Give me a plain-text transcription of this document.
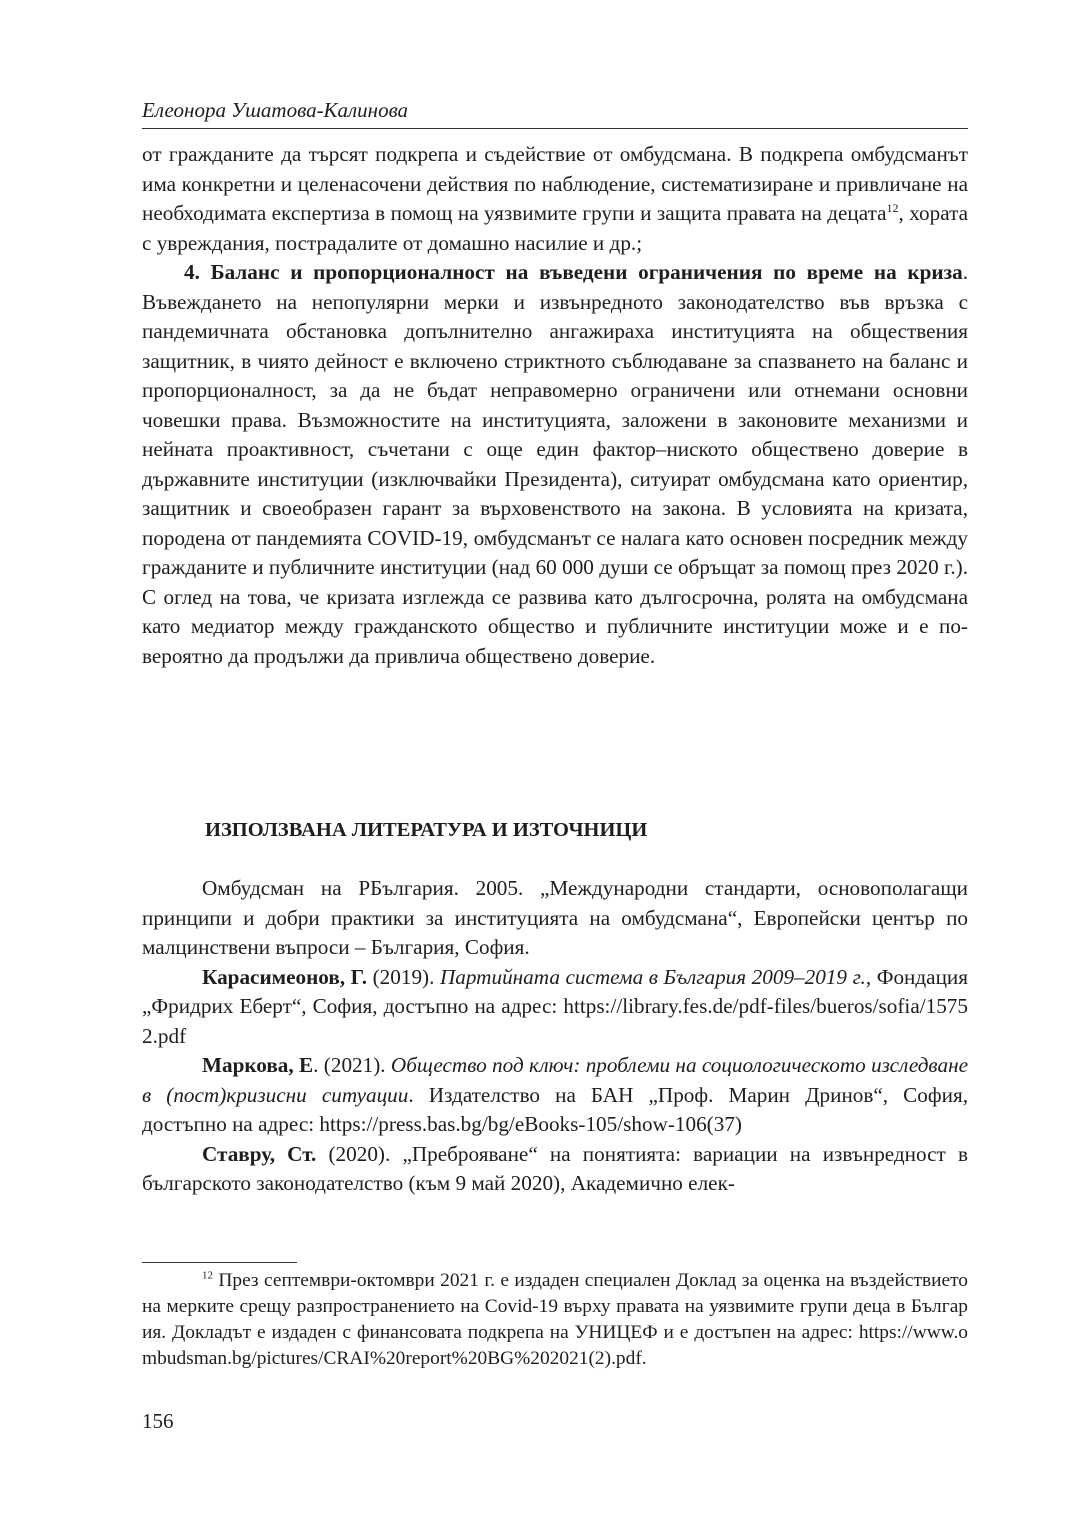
Елеонора Ушатова-Калинова

от гражданите да търсят подкрепа и съдействие от омбудсмана. В подкрепа омбудсманът има конкретни и целенасочени действия по наблюдение, систематизиране и привличане на необходимата експертиза в помощ на уязвимите групи и защита правата на децата$^{12}$, хората с увреждания, пострадалите от домашно насилие и др.;

4. Баланс и пропорционалност на въведени ограничения по време на криза. Въвеждането на непопулярни мерки и извънредното законодателство във връзка с пандемичната обстановка допълнително ангажираха институцията на обществения защитник, в чиято дейност е включено стриктното съблюдаване за спазването на баланс и пропорционалност, за да не бъдат неправомерно ограничени или отнемани основни човешки права. Възможностите на институцията, заложени в законовите механизми и нейната проактивност, съчетани с още един фактор–ниското обществено доверие в държавните институции (изключвайки Президента), ситуират омбудсмана като ориентир, защитник и своеобразен гарант за върховенството на закона. В условията на кризата, породена от пандемията COVID-19, омбудсманът се налага като основен посредник между гражданите и публичните институции (над 60 000 души се обръщат за помощ през 2020 г.). С оглед на това, че кризата изглежда се развива като дългосрочна, ролята на омбудсмана като медиатор между гражданското общество и публичните институции може и е по-вероятно да продължи да привлича обществено доверие.

ИЗПОЛЗВАНА ЛИТЕРАТУРА И ИЗТОЧНИЦИ

Омбудсман на РБългария. 2005. „Международни стандарти, основополагащи принципи и добри практики за институцията на омбудсмана“, Европейски център по малцинствени въпроси – България, София.

Карасимеонов, Г. (2019). Партийната система в България 2009–2019 г., Фондация „Фридрих Еберт“, София, достъпно на адрес: https://library.fes.de/pdf-files/bueros/sofia/15752.pdf

Маркова, Е. (2021). Общество под ключ: проблеми на социологическото изследване в (пост)кризисни ситуации. Издателство на БАН „Проф. Марин Дринов“, София, достъпно на адрес: https://press.bas.bg/bg/eBooks-105/show-106(37)

Ставру, Ст. (2020). „Преброяване“ на понятията: вариации на извънредност в българското законодателство (към 9 май 2020), Академично елек-

$^{12}$ През септември-октомври 2021 г. е издаден специален Доклад за оценка на въздействието на мерките срещу разпространението на Covid-19 върху правата на уязвимите групи деца в България. Докладът е издаден с финансовата подкрепа на УНИЦЕФ и е достъпен на адрес: https://www.ombudsman.bg/pictures/CRAI%20report%20BG%202021(2).pdf.

156
